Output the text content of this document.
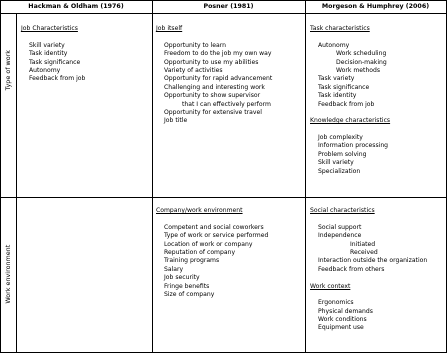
Hackman & Oldham (1976)	Posner (1981)	Morgeson & Humphrey (2006)
Type of work
Work environment
Job Characteristics
Skill variety
Task identity
Task significance
Autonomy
Feedback from job
Job itself
Opportunity to learn
Freedom to do the job my own way
Opportunity to use my abilities
Variety of activities
Opportunity for rapid advancement
Challenging and interesting work
Opportunity to show supervisor
that I can effectively perform
Opportunity for extensive travel
Job title
Task characteristics
Autonomy
Work scheduling
Decision-making
Work methods
Task variety
Task significance
Task identity
Feedback from job
Knowledge characteristics
Job complexity
Information processing
Problem solving
Skill variety
Specialization
Company/work environment
Competent and social coworkers
Type of work or service performed
Location of work or company
Reputation of company
Training programs
Salary
Job security
Fringe benefits
Size of company
Social characteristics
Social support
Independence
Initiated
Received
Interaction outside the organization
Feedback from others
Work context
Ergonomics
Physical demands
Work conditions
Equipment use
